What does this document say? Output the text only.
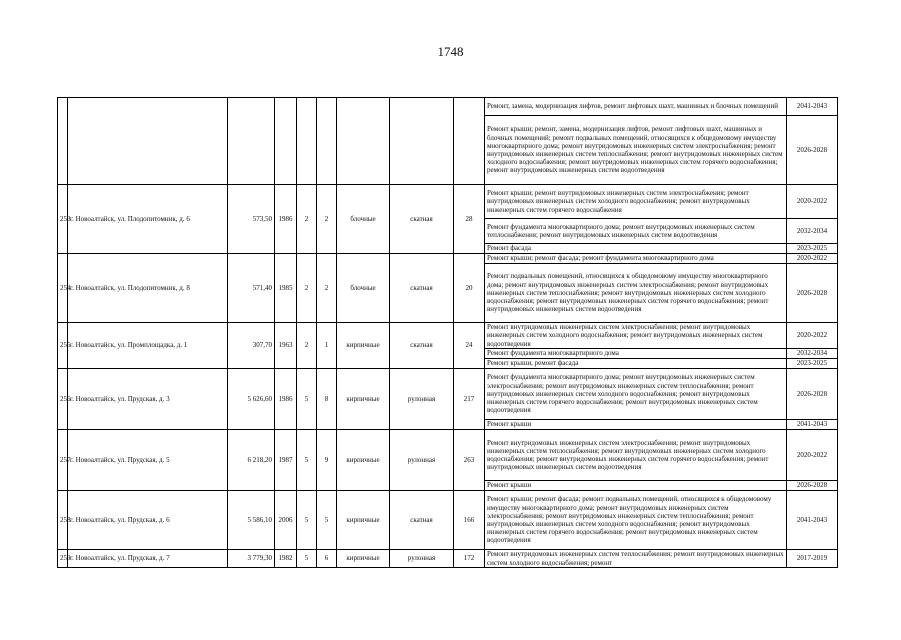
1748
									Ремонт, замена, модернизация лифтов, ремонт лифтовых шахт, машинных и блочных помещений	2041-2043
									Ремонт крыши; ремонт, замена, модернизация лифтов, ремонт лифтовых шахт, машинных и блочных помещений; ремонт подвальных помещений, относящихся к общедомовому имуществу многоквартирного дома; ремонт внутридомовых инженерных систем электроснабжения; ремонт внутридомовых инженерных систем теплоснабжения; ремонт внутридомовых инженерных систем холодного водоснабжения; ремонт внутридомовых инженерных систем горячего водоснабжения; ремонт внутридомовых инженерных систем водоотведения	2026-2028
253	г. Новоалтайск, ул. Плодопитомник, д. 6	573,50	1986	2	2	блочные	скатная	28	Ремонт крыши; ремонт внутридомовых инженерных систем электроснабжения; ремонт внутридомовых инженерных систем холодного водоснабжения; ремонт внутридомовых инженерных систем горячего водоснабжения	2020-2022
									Ремонт фундамента многоквартирного дома; ремонт внутридомовых инженерных систем теплоснабжения; ремонт внутридомовых инженерных систем водоотведения	2032-2034
									Ремонт фасада	2023-2025
254	г. Новоалтайск, ул. Плодопитомник, д. 8	571,40	1985	2	2	блочные	скатная	20	Ремонт крыши; ремонт фасада; ремонт фундамента многоквартирного дома	2020-2022
									Ремонт подвальных помещений, относящихся к общедомовому имуществу многоквартирного дома; ремонт внутридомовых инженерных систем электроснабжения; ремонт внутридомовых инженерных систем теплоснабжения; ремонт внутридомовых инженерных систем холодного водоснабжения; ремонт внутридомовых инженерных систем горячего водоснабжения; ремонт внутридомовых инженерных систем водоотведения	2026-2028
255	г. Новоалтайск, ул. Промплощадка, д. 1	307,70	1963	2	1	кирпичные	скатная	24	Ремонт внутридомовых инженерных систем электроснабжения; ремонт внутридомовых инженерных систем холодного водоснабжения; ремонт внутридомовых инженерных систем водоотведения	2020-2022
									Ремонт фундамента многоквартирного дома	2032-2034
									Ремонт крыши, ремонт фасада	2023-2025
256	г. Новоалтайск, ул. Прудская, д. 3	5 626,60	1986	5	8	кирпичные	рулонная	217	Ремонт фундамента многоквартирного дома; ремонт внутридомовых инженерных систем электроснабжения; ремонт внутридомовых инженерных систем теплоснабжения; ремонт внутридомовых инженерных систем холодного водоснабжения; ремонт внутридомовых инженерных систем горячего водоснабжения; ремонт внутридомовых инженерных систем водоотведения	2026-2028
									Ремонт крыши	2041-2043
257	г. Новоалтайск, ул. Прудская, д. 5	6 218,20	1987	5	9	кирпичные	рулонная	263	Ремонт внутридомовых инженерных систем электроснабжения; ремонт внутридомовых инженерных систем теплоснабжения; ремонт внутридомовых инженерных систем холодного водоснабжения; ремонт внутридомовых инженерных систем горячего водоснабжения; ремонт внутридомовых инженерных систем водоотведения	2020-2022
									Ремонт крыши	2026-2028
258	г. Новоалтайск, ул. Прудская, д. 6	5 586,10	2006	5	5	кирпичные	скатная	166	Ремонт крыши; ремонт фасада; ремонт подвальных помещений, относящихся к общедомовому имуществу многоквартирного дома; ремонт внутридомовых инженерных систем электроснабжения; ремонт внутридомовых инженерных систем теплоснабжения; ремонт внутридомовых инженерных систем холодного водоснабжения; ремонт внутридомовых инженерных систем горячего водоснабжения; ремонт внутридомовых инженерных систем водоотведения	2041-2043
259	г. Новоалтайск, ул. Прудская, д. 7	3 779,30	1982	5	6	кирпичные	рулонная	172	Ремонт внутридомовых инженерных систем теплоснабжения; ремонт внутридомовых инженерных систем холодного водоснабжения; ремонт	2017-2019
